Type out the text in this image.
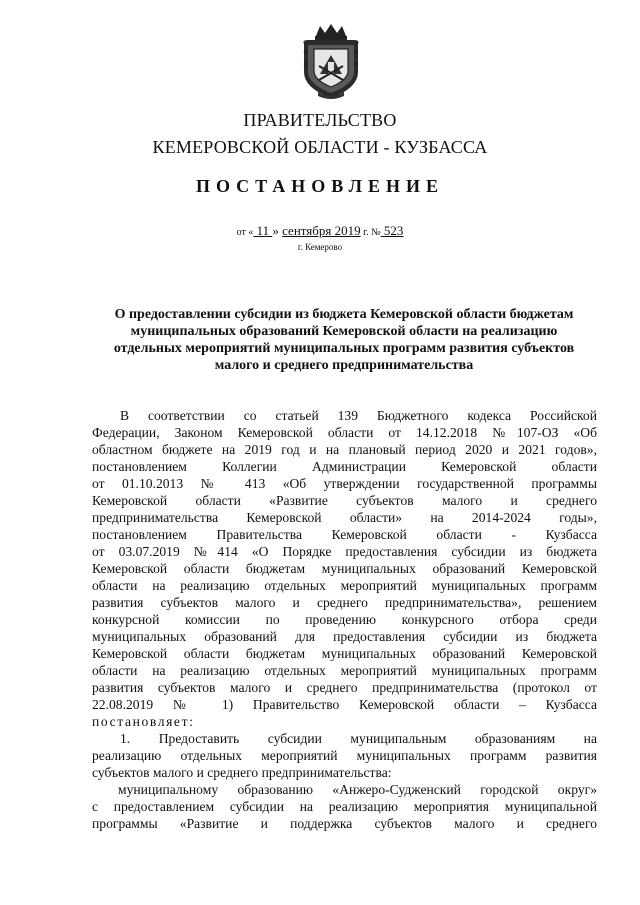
ПРАВИТЕЛЬСТВО
КЕМЕРОВСКОЙ ОБЛАСТИ - КУЗБАССА
ПОСТАНОВЛЕНИЕ
от « 11 » сентября 2019 г. № 523
г. Кемерово
О предоставлении субсидии из бюджета Кемеровской области бюджетам
муниципальных образований Кемеровской области на реализацию
отдельных мероприятий муниципальных программ развития субъектов
малого и среднего предпринимательства
В соответствии со статьей 139 Бюджетного кодекса Российской
Федерации, Законом Кемеровской области от 14.12.2018 №107-ОЗ «Об
областном бюджете на 2019 год и на плановый период 2020 и 2021 годов»,
постановлением Коллегии Администрации Кемеровской области
от 01.10.2013 № 413 «Об утверждении государственной программы
Кемеровской области «Развитие субъектов малого и среднего
предпринимательства Кемеровской области» на 2014-2024 годы»,
постановлением Правительства Кемеровской области - Кузбасса
от 03.07.2019 №414 «О Порядке предоставления субсидии из бюджета
Кемеровской области бюджетам муниципальных образований Кемеровской
области на реализацию отдельных мероприятий муниципальных программ
развития субъектов малого и среднего предпринимательства», решением
конкурсной комиссии по проведению конкурсного отбора среди
муниципальных образований для предоставления субсидии из бюджета
Кемеровской области бюджетам муниципальных образований Кемеровской
области на реализацию отдельных мероприятий муниципальных программ
развития субъектов малого и среднего предпринимательства (протокол от
22.08.2019 № 1) Правительство Кемеровской области – Кузбасса
постановляет:
1. Предоставить субсидии муниципальным образованиям на
реализацию отдельных мероприятий муниципальных программ развития
субъектов малого и среднего предпринимательства:
муниципальному образованию «Анжеро-Судженский городской округ»
с предоставлением субсидии на реализацию мероприятия муниципальной
программы «Развитие и поддержка субъектов малого и среднего
